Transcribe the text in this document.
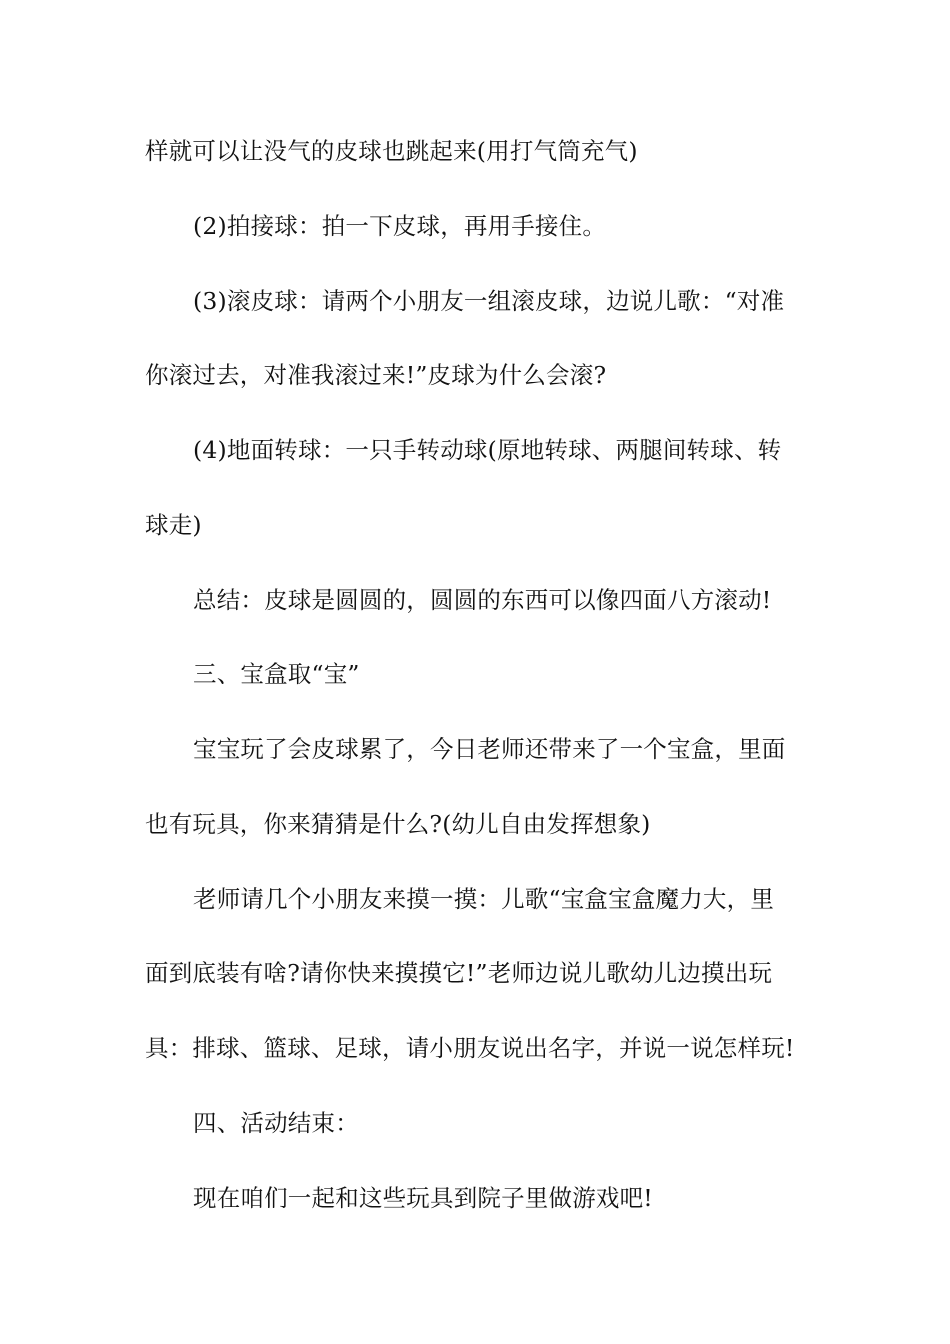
样就可以让没气的皮球也跳起来(用打气筒充气)
(2)拍接球：拍一下皮球，再用手接住。
(3)滚皮球：请两个小朋友一组滚皮球，边说儿歌：“对准
你滚过去，对准我滚过来!”皮球为什么会滚?
(4)地面转球：一只手转动球(原地转球、两腿间转球、转
球走)
总结：皮球是圆圆的，圆圆的东西可以像四面八方滚动!
三、宝盒取“宝”
宝宝玩了会皮球累了，今日老师还带来了一个宝盒，里面
也有玩具，你来猜猜是什么?(幼儿自由发挥想象)
老师请几个小朋友来摸一摸：儿歌“宝盒宝盒魔力大，里
面到底装有啥?请你快来摸摸它!”老师边说儿歌幼儿边摸出玩
具：排球、篮球、足球，请小朋友说出名字，并说一说怎样玩!
四、活动结束：
现在咱们一起和这些玩具到院子里做游戏吧!
